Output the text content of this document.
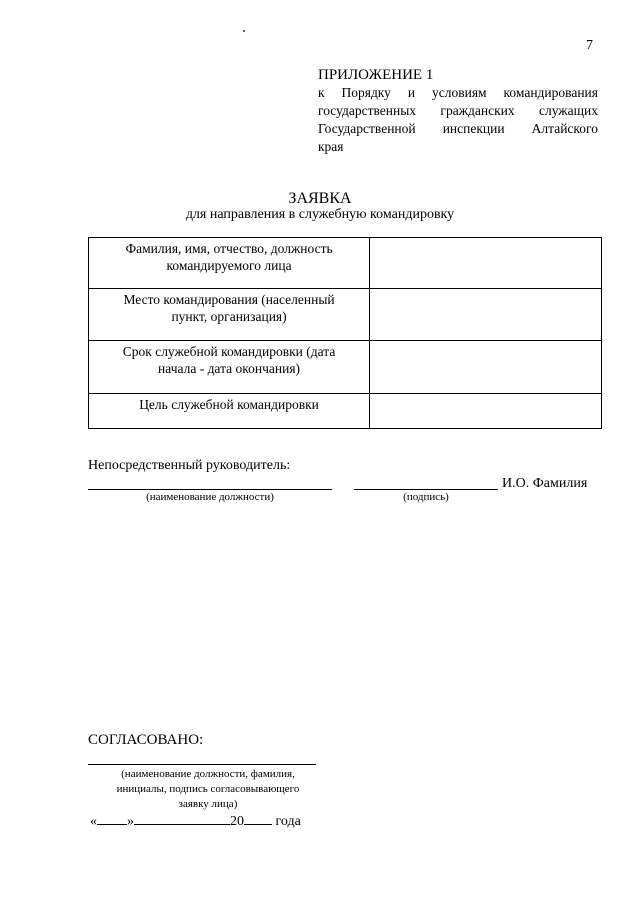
7
ПРИЛОЖЕНИЕ 1
к Порядку и условиям командирования
государственных гражданских служащих
Государственной инспекции Алтайского
края
ЗАЯВКА
для направления в служебную командировку
Фамилия, имя, отчество, должность
командируемого лица	

Место командирования (населенный
пункт, организация)	

Срок служебной командировки (дата
начала - дата окончания)	

Цель служебной командировки	

Непосредственный руководитель:
И.О. Фамилия
(наименование должности)	(подпись)
СОГЛАСОВАНО:
(наименование должности, фамилия,
инициалы, подпись согласовывающего
заявку лица)
« »	20 года
